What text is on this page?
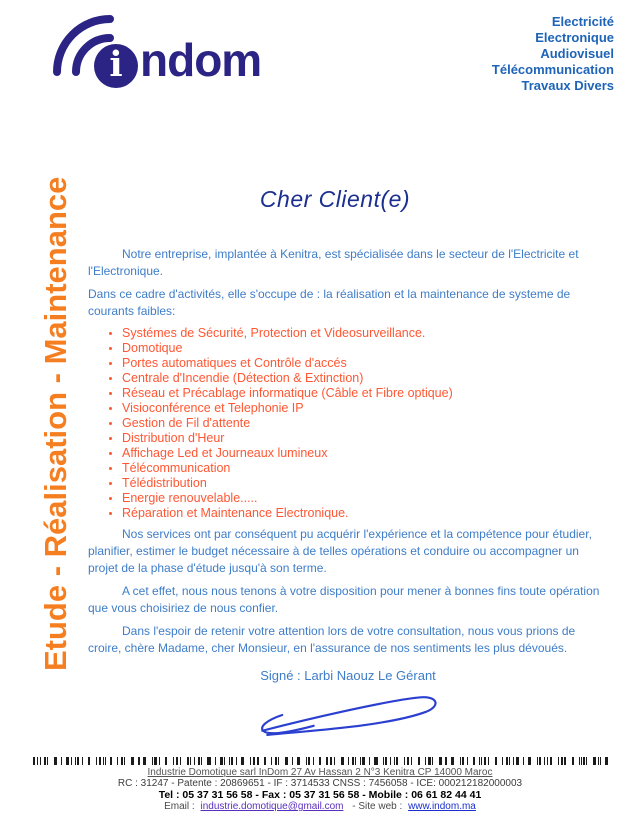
i ndom
Electricité
Electronique
Audiovisuel
Télécommunication
Travaux Divers
Etude - Réalisation - Maintenance	Cher Client(e)

Notre entreprise, implantée à Kenitra, est spécialisée dans le secteur de l'Electricite et l'Electronique.

Dans ce cadre d'activités, elle s'occupe de : la réalisation et la maintenance de systeme de courants faibles:

• Systémes de Sécurité, Protection et Videosurveillance.
• Domotique
• Portes automatiques et Contrôle d'accés
• Centrale d'Incendie (Détection & Extinction)
• Réseau et Précablage informatique (Câble et Fibre optique)
• Visioconférence et Telephonie IP
• Gestion de Fil d'attente
• Distribution d'Heur
• Affichage Led et Journeaux lumineux
• Télécommunication
• Télédistribution
• Energie renouvelable.....
• Réparation et Maintenance Electronique.

Nos services ont par conséquent pu acquérir l'expérience et la compétence pour étudier, planifier, estimer le budget nécessaire à de telles opérations et conduire ou accompagner un projet de la phase d'étude jusqu'à son terme.

A cet effet, nous nous tenons à votre disposition pour mener à bonnes fins toute opération que vous choisiriez de nous confier.

Dans l'espoir de retenir votre attention lors de votre consultation, nous vous prions de croire, chère Madame, cher Monsieur, en l'assurance de nos sentiments les plus dévoués.

Signé : Larbi Naouz Le Gérant
Industrie Domotique sarl InDom 27 Av Hassan 2 N°3 Kenitra CP 14000 Maroc
RC : 31247 - Patente : 20869651 - IF : 3714533 CNSS : 7456058 - ICE: 000212182000003
Tel : 05 37 31 56 58 - Fax : 05 37 31 56 58 - Mobile : 06 61 82 44 41
Email : industrie.domotique@gmail.com - Site web : www.indom.ma
